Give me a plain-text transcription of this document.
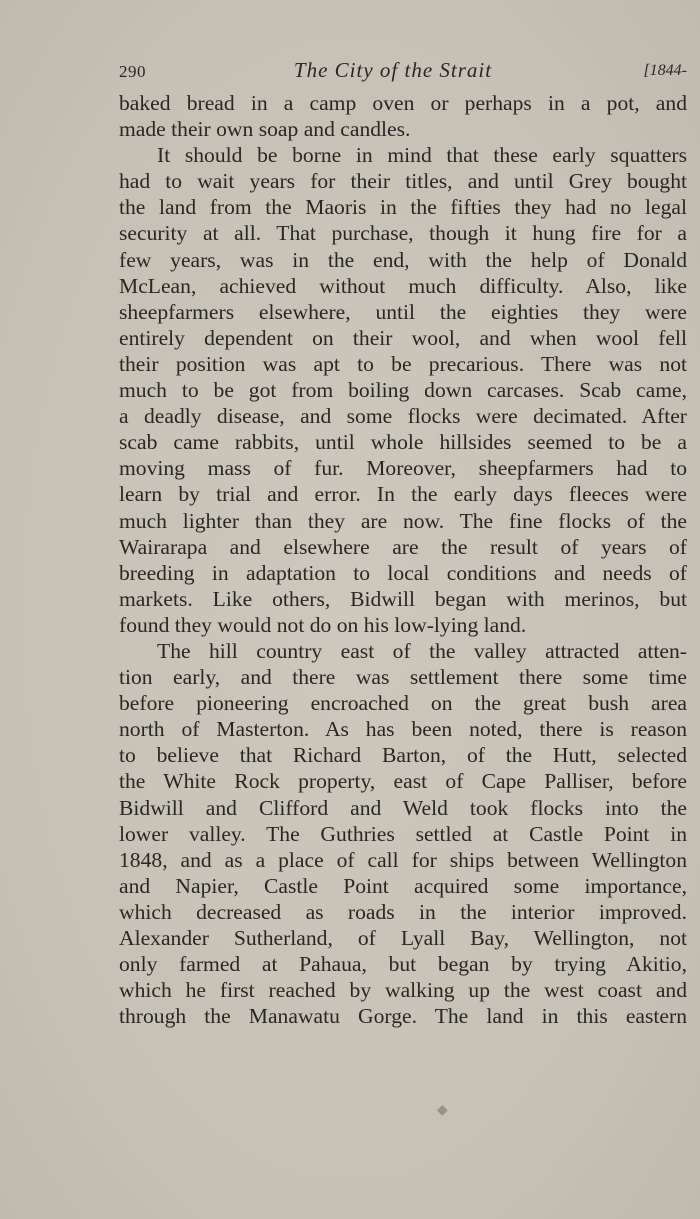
290	The City of the Strait	[1844-
baked bread in a camp oven or perhaps in a pot, and
made their own soap and candles.
It should be borne in mind that these early squatters
had to wait years for their titles, and until Grey bought
the land from the Maoris in the fifties they had no legal
security at all. That purchase, though it hung fire for a
few years, was in the end, with the help of Donald
McLean, achieved without much difficulty. Also, like
sheepfarmers elsewhere, until the eighties they were
entirely dependent on their wool, and when wool fell
their position was apt to be precarious. There was not
much to be got from boiling down carcases. Scab came,
a deadly disease, and some flocks were decimated. After
scab came rabbits, until whole hillsides seemed to be a
moving mass of fur. Moreover, sheepfarmers had to
learn by trial and error. In the early days fleeces were
much lighter than they are now. The fine flocks of the
Wairarapa and elsewhere are the result of years of
breeding in adaptation to local conditions and needs of
markets. Like others, Bidwill began with merinos, but
found they would not do on his low-lying land.
The hill country east of the valley attracted atten-
tion early, and there was settlement there some time
before pioneering encroached on the great bush area
north of Masterton. As has been noted, there is reason
to believe that Richard Barton, of the Hutt, selected
the White Rock property, east of Cape Palliser, before
Bidwill and Clifford and Weld took flocks into the
lower valley. The Guthries settled at Castle Point in
1848, and as a place of call for ships between Wellington
and Napier, Castle Point acquired some importance,
which decreased as roads in the interior improved.
Alexander Sutherland, of Lyall Bay, Wellington, not
only farmed at Pahaua, but began by trying Akitio,
which he first reached by walking up the west coast and
through the Manawatu Gorge. The land in this eastern
◆
